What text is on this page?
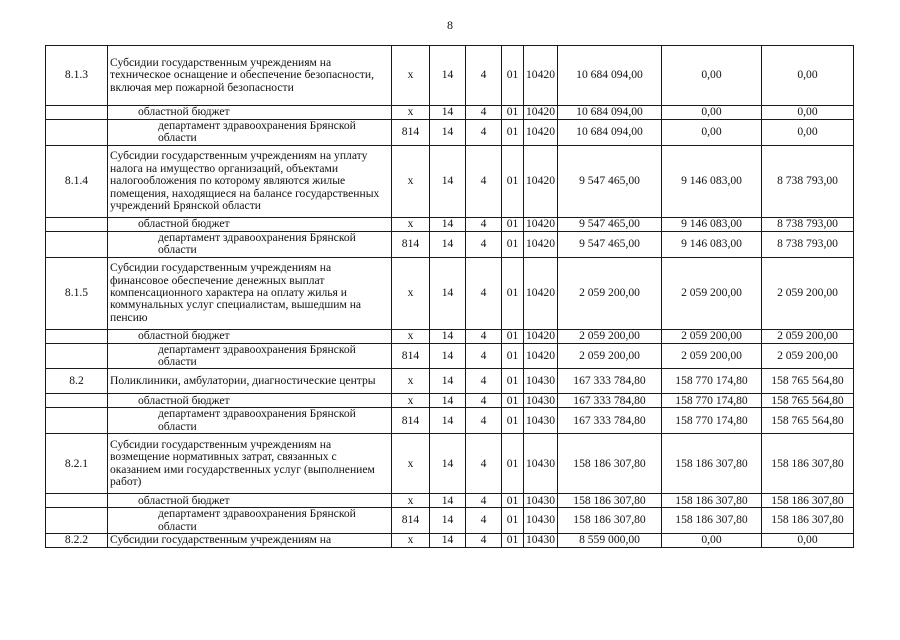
8
8.1.3	Субсидии государственным учреждениям на техническое оснащение и обеспечение безопасности, включая мер пожарной безопасности	х	14	4	01	10420	10 684 094,00	0,00	0,00
	областной бюджет	х	14	4	01	10420	10 684 094,00	0,00	0,00
	департамент здравоохранения Брянской области	814	14	4	01	10420	10 684 094,00	0,00	0,00
8.1.4	Субсидии государственным учреждениям на уплату налога на имущество организаций, объектами налогообложения по которому являются жилые помещения, находящиеся на балансе государственных учреждений Брянской области	х	14	4	01	10420	9 547 465,00	9 146 083,00	8 738 793,00
	областной бюджет	х	14	4	01	10420	9 547 465,00	9 146 083,00	8 738 793,00
	департамент здравоохранения Брянской области	814	14	4	01	10420	9 547 465,00	9 146 083,00	8 738 793,00
8.1.5	Субсидии государственным учреждениям на финансовое обеспечение денежных выплат компенсационного характера на оплату жилья и коммунальных услуг специалистам, вышедшим на пенсию	х	14	4	01	10420	2 059 200,00	2 059 200,00	2 059 200,00
	областной бюджет	х	14	4	01	10420	2 059 200,00	2 059 200,00	2 059 200,00
	департамент здравоохранения Брянской области	814	14	4	01	10420	2 059 200,00	2 059 200,00	2 059 200,00
8.2	Поликлиники, амбулатории, диагностические центры	х	14	4	01	10430	167 333 784,80	158 770 174,80	158 765 564,80
	областной бюджет	х	14	4	01	10430	167 333 784,80	158 770 174,80	158 765 564,80
	департамент здравоохранения Брянской области	814	14	4	01	10430	167 333 784,80	158 770 174,80	158 765 564,80
8.2.1	Субсидии государственным учреждениям на возмещение нормативных затрат, связанных с оказанием ими государственных услуг (выполнением работ)	х	14	4	01	10430	158 186 307,80	158 186 307,80	158 186 307,80
	областной бюджет	х	14	4	01	10430	158 186 307,80	158 186 307,80	158 186 307,80
	департамент здравоохранения Брянской области	814	14	4	01	10430	158 186 307,80	158 186 307,80	158 186 307,80
8.2.2	Субсидии государственным учреждениям на	х	14	4	01	10430	8 559 000,00	0,00	0,00
